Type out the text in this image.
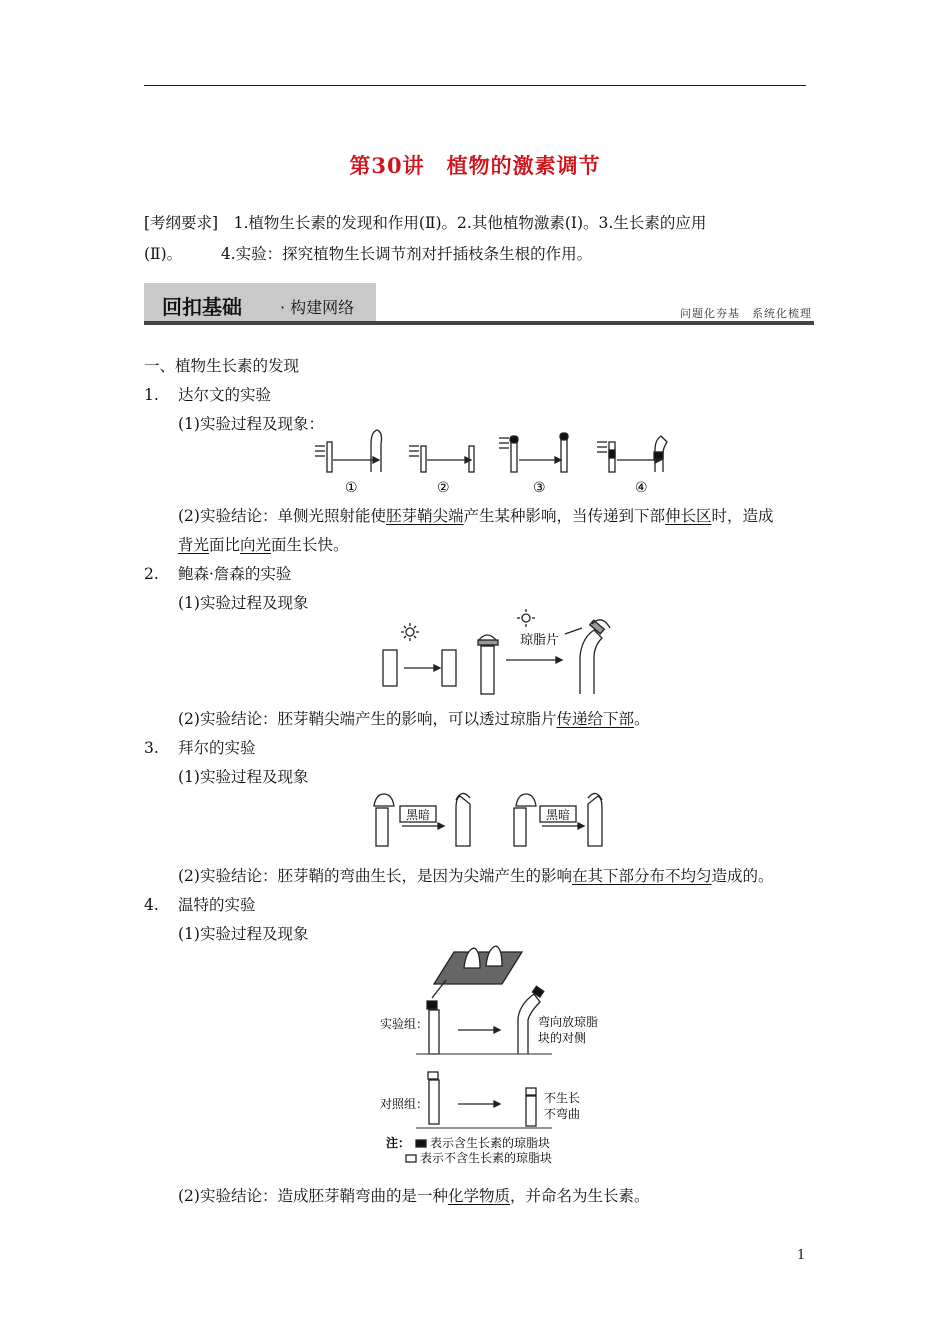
第30讲　植物的激素调节
[考纲要求]　1.植物生长素的发现和作用(Ⅱ)。2.其他植物激素(Ⅰ)。3.生长素的应用
(Ⅱ)。　　　4.实验：探究植物生长调节剂对扦插枝条生根的作用。
回扣基础 · 构建网络	问题化夯基　系统化梳理
一、植物生长素的发现
1. 达尔文的实验
(1)实验过程及现象：
①	②	③	④
(2)实验结论：单侧光照射能使胚芽鞘尖端产生某种影响，当传递到下部伸长区时，造成
背光面比向光面生长快。
2. 鲍森·詹森的实验
(1)实验过程及现象
琼脂片
(2)实验结论：胚芽鞘尖端产生的影响，可以透过琼脂片传递给下部。
3. 拜尔的实验
(1)实验过程及现象
黑暗	黑暗
(2)实验结论：胚芽鞘的弯曲生长，是因为尖端产生的影响在其下部分布不均匀造成的。
4. 温特的实验
(1)实验过程及现象
实验组：	弯向放琼脂
块的对侧
对照组：	不生长
不弯曲
注： 表示含生长素的琼脂块
表示不含生长素的琼脂块
(2)实验结论：造成胚芽鞘弯曲的是一种化学物质，并命名为生长素。
1
